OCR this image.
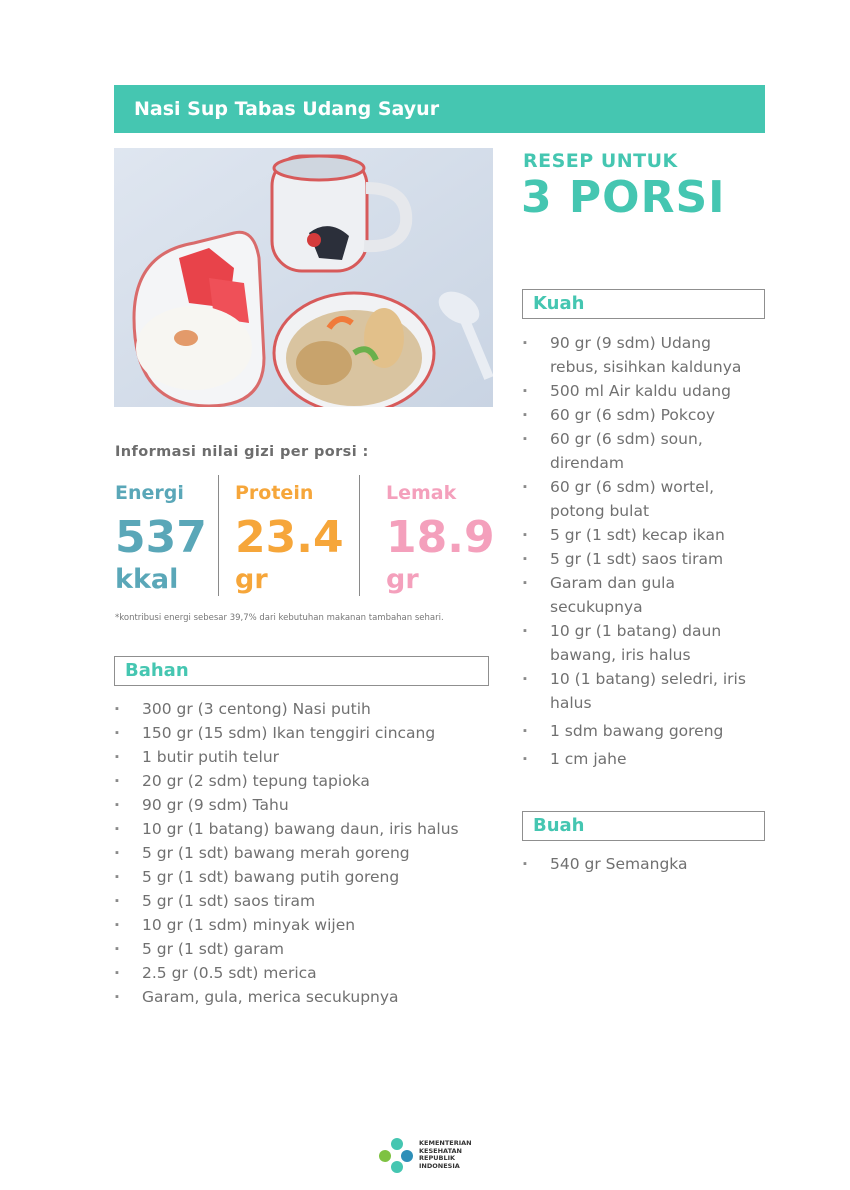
Nasi Sup Tabas Udang Sayur
RESEP UNTUK
3 PORSI
Informasi nilai gizi per porsi :
Energi
537
kkal
Protein
23.4
gr
Lemak
18.9
gr
*kontribusi energi sebesar 39,7% dari kebutuhan makanan tambahan sehari.
Bahan
· 300 gr (3 centong) Nasi putih
· 150 gr (15 sdm) Ikan tenggiri cincang
· 1 butir putih telur
· 20 gr (2 sdm) tepung tapioka
· 90 gr (9 sdm) Tahu
· 10 gr (1 batang) bawang daun, iris halus
· 5 gr (1 sdt) bawang merah goreng
· 5 gr (1 sdt) bawang putih goreng
· 5 gr (1 sdt) saos tiram
· 10 gr (1 sdm) minyak wijen
· 5 gr (1 sdt) garam
· 2.5 gr (0.5 sdt) merica
· Garam, gula, merica secukupnya
Kuah
· 90 gr (9 sdm) Udang rebus, sisihkan kaldunya
· 500 ml Air kaldu udang
· 60 gr (6 sdm) Pokcoy
· 60 gr (6 sdm) soun, direndam
· 60 gr (6 sdm) wortel, potong bulat
· 5 gr (1 sdt) kecap ikan
· 5 gr (1 sdt) saos tiram
· Garam dan gula secukupnya
· 10 gr (1 batang) daun bawang, iris halus
· 10 (1 batang) seledri, iris halus
· 1 sdm bawang goreng
· 1 cm jahe
Buah
· 540 gr Semangka
KEMENTERIAN
KESEHATAN
REPUBLIK
INDONESIA
